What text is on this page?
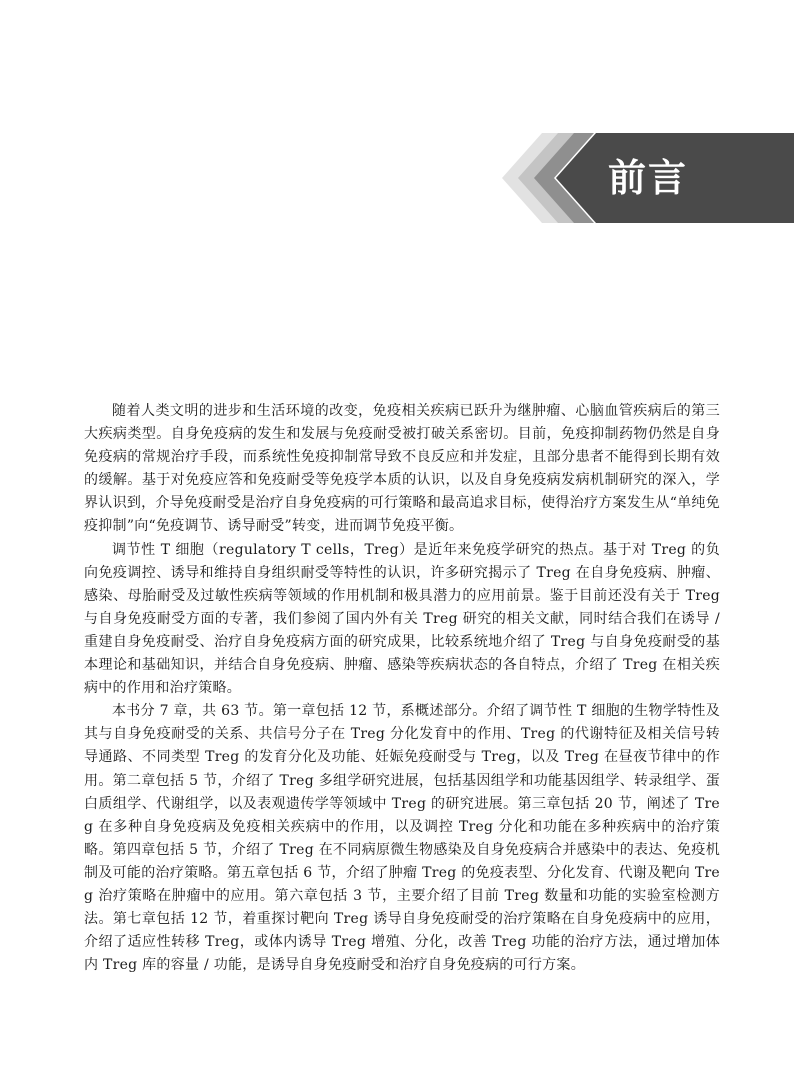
前言

随着人类文明的进步和生活环境的改变，免疫相关疾病已跃升为继肿瘤、心脑血管疾病后的第三大疾病类型。自身免疫病的发生和发展与免疫耐受被打破关系密切。目前，免疫抑制药物仍然是自身免疫病的常规治疗手段，而系统性免疫抑制常导致不良反应和并发症，且部分患者不能得到长期有效的缓解。基于对免疫应答和免疫耐受等免疫学本质的认识，以及自身免疫病发病机制研究的深入，学界认识到，介导免疫耐受是治疗自身免疫病的可行策略和最高追求目标，使得治疗方案发生从“单纯免疫抑制”向“免疫调节、诱导耐受”转变，进而调节免疫平衡。

调节性 T 细胞（regulatory T cells，Treg）是近年来免疫学研究的热点。基于对 Treg 的负向免疫调控、诱导和维持自身组织耐受等特性的认识，许多研究揭示了 Treg 在自身免疫病、肿瘤、感染、母胎耐受及过敏性疾病等领域的作用机制和极具潜力的应用前景。鉴于目前还没有关于 Treg 与自身免疫耐受方面的专著，我们参阅了国内外有关 Treg 研究的相关文献，同时结合我们在诱导 / 重建自身免疫耐受、治疗自身免疫病方面的研究成果，比较系统地介绍了 Treg 与自身免疫耐受的基本理论和基础知识，并结合自身免疫病、肿瘤、感染等疾病状态的各自特点，介绍了 Treg 在相关疾病中的作用和治疗策略。

本书分 7 章，共 63 节。第一章包括 12 节，系概述部分。介绍了调节性 T 细胞的生物学特性及其与自身免疫耐受的关系、共信号分子在 Treg 分化发育中的作用、Treg 的代谢特征及相关信号转导通路、不同类型 Treg 的发育分化及功能、妊娠免疫耐受与 Treg，以及 Treg 在昼夜节律中的作用。第二章包括 5 节，介绍了 Treg 多组学研究进展，包括基因组学和功能基因组学、转录组学、蛋白质组学、代谢组学，以及表观遗传学等领域中 Treg 的研究进展。第三章包括 20 节，阐述了 Treg 在多种自身免疫病及免疫相关疾病中的作用，以及调控 Treg 分化和功能在多种疾病中的治疗策略。第四章包括 5 节，介绍了 Treg 在不同病原微生物感染及自身免疫病合并感染中的表达、免疫机制及可能的治疗策略。第五章包括 6 节，介绍了肿瘤 Treg 的免疫表型、分化发育、代谢及靶向 Treg 治疗策略在肿瘤中的应用。第六章包括 3 节，主要介绍了目前 Treg 数量和功能的实验室检测方法。第七章包括 12 节，着重探讨靶向 Treg 诱导自身免疫耐受的治疗策略在自身免疫病中的应用，介绍了适应性转移 Treg，或体内诱导 Treg 增殖、分化，改善 Treg 功能的治疗方法，通过增加体内 Treg 库的容量 / 功能，是诱导自身免疫耐受和治疗自身免疫病的可行方案。
